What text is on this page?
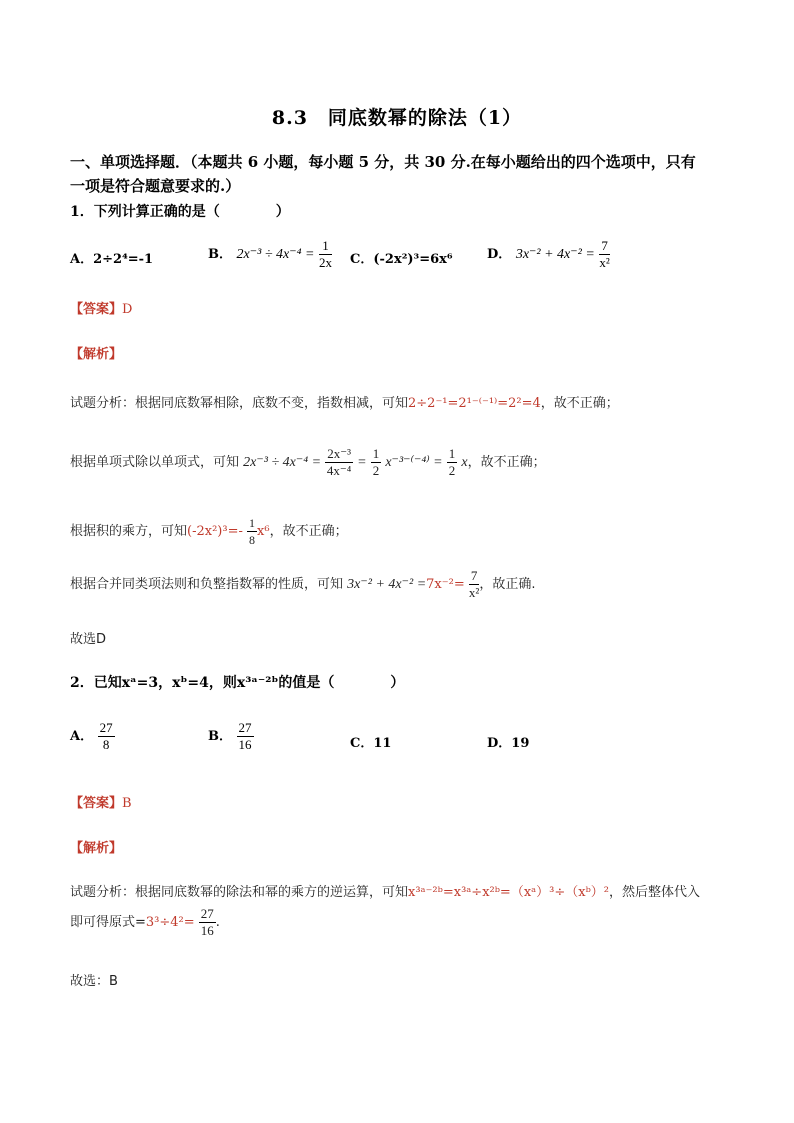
8.3　同底数幂的除法（1）
一、单项选择题．（本题共 6 小题，每小题 5 分，共 30 分.在每小题给出的四个选项中，只有
一项是符合题意要求的.）
1．下列计算正确的是（　　　　）
A．2÷2⁴=-1	B． $2x^{-3} \div 4x^{-4} = \frac{1}{2x}$ C．(-2x²)³=6x⁶	D． $3x^{-2} + 4x^{-2} = \frac{7}{\text{x²}}$
【答案】D
【解析】
试题分析：根据同底数幂相除，底数不变，指数相减，可知2÷2⁻¹=2¹⁻⁽⁻¹⁾=2²=4，故不正确；
根据单项式除以单项式，可知 $2x^{-3} \div 4x^{-4} = \frac{\text{2x⁻³}}{\text{4x⁻⁴}} = \frac{1}{2} x^{-3-(-4)} = \frac{1}{2}$ x，故不正确；
根据积的乘方，可知$(-2x^2)^3=- \frac{1}{8} x^6$，故不正确；
根据合并同类项法则和负整指数幂的性质，可知 $3x^{-2} + 4x^{-2} =7x^{-2}= \frac{7}{\text{x²}}$ ，故正确.
故选D
2．已知xᵃ=3，xᵇ=4，则x³ᵃ⁻²ᵇ的值是（　　　　）
A． $\frac{27}{8}$	B． $\frac{27}{16}$	C．11	D．19
【答案】B
【解析】
试题分析：根据同底数幂的除法和幂的乘方的逆运算，可知x³ᵃ⁻²ᵇ=x³ᵃ÷x²ᵇ=（xᵃ）³÷（xᵇ）²，然后整体代入
即可得原式$=3^3\div 4^2= \frac{27}{16}$ .
故选：B
